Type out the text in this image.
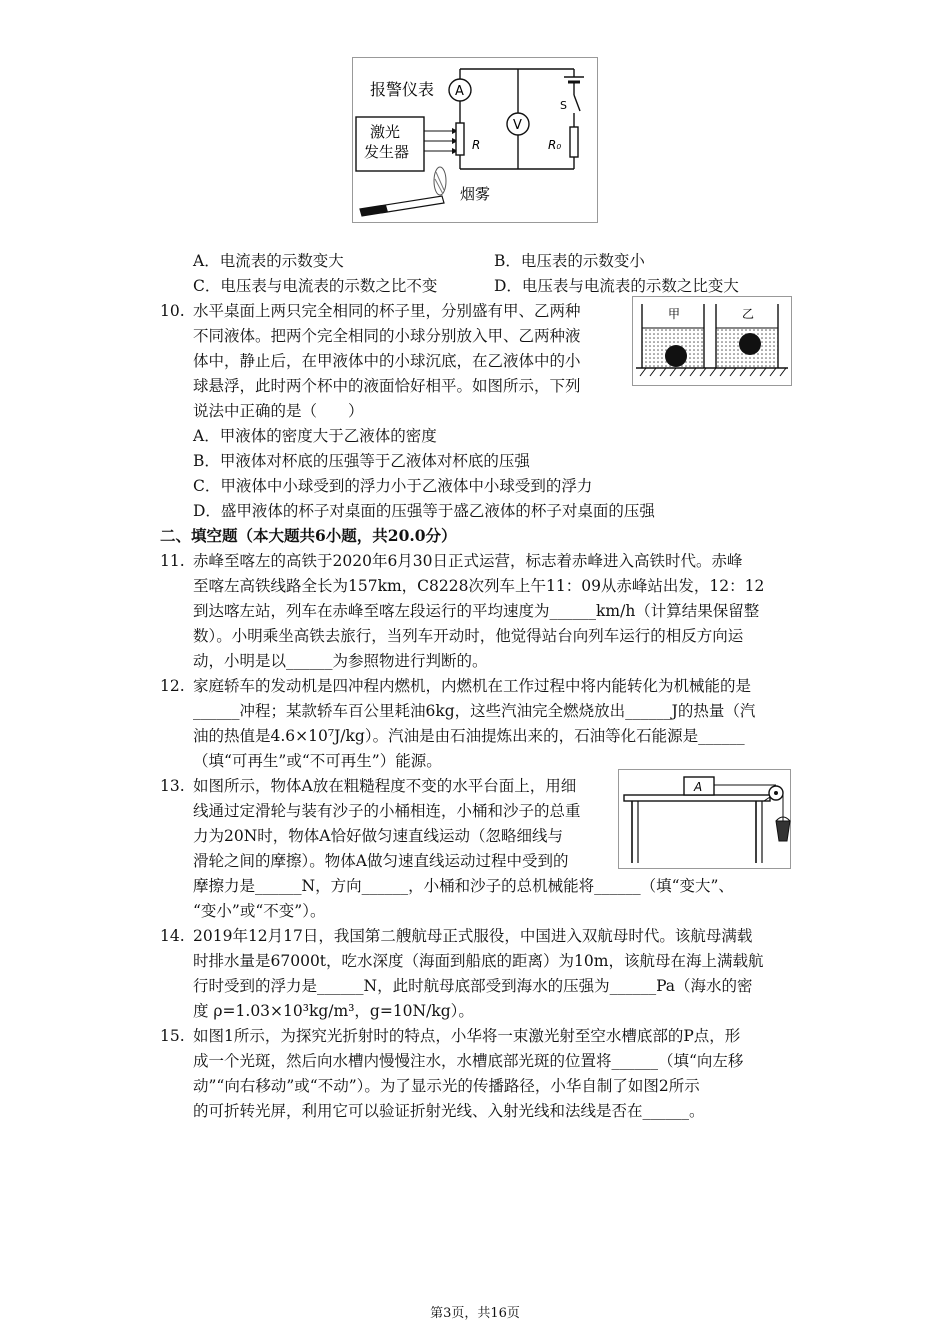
报警仪表
激光
发生器
A
R
V
S
R₀
烟雾
A．电流表的示数变大	B．电压表的示数变小
C．电压表与电流表的示数之比不变	D．电压表与电流表的示数之比变大
10. 水平桌面上两只完全相同的杯子里，分别盛有甲、乙两种
不同液体。把两个完全相同的小球分别放入甲、乙两种液
体中，静止后，在甲液体中的小球沉底，在乙液体中的小
球悬浮，此时两个杯中的液面恰好相平。如图所示，下列
说法中正确的是（　　）
甲	乙
A．甲液体的密度大于乙液体的密度
B．甲液体对杯底的压强等于乙液体对杯底的压强
C．甲液体中小球受到的浮力小于乙液体中小球受到的浮力
D．盛甲液体的杯子对桌面的压强等于盛乙液体的杯子对桌面的压强
二、填空题（本大题共6小题，共20.0分）
11. 赤峰至喀左的高铁于2020年6月30日正式运营，标志着赤峰进入高铁时代。赤峰
至喀左高铁线路全长为157km，C8228次列车上午11：09从赤峰站出发，12：12
到达喀左站，列车在赤峰至喀左段运行的平均速度为______km/h（计算结果保留整
数）。小明乘坐高铁去旅行，当列车开动时，他觉得站台向列车运行的相反方向运
动，小明是以______为参照物进行判断的。
12. 家庭轿车的发动机是四冲程内燃机，内燃机在工作过程中将内能转化为机械能的是
______冲程；某款轿车百公里耗油6kg，这些汽油完全燃烧放出______J的热量（汽
油的热值是4.6×10⁷J/kg）。汽油是由石油提炼出来的，石油等化石能源是______
（填“可再生”或“不可再生”）能源。
13. 如图所示，物体A放在粗糙程度不变的水平台面上，用细
线通过定滑轮与装有沙子的小桶相连，小桶和沙子的总重
力为20N时，物体A恰好做匀速直线运动（忽略细线与
滑轮之间的摩擦）。物体A做匀速直线运动过程中受到的
摩擦力是______N，方向______，小桶和沙子的总机械能将______（填“变大”、
“变小”或“不变”）。
A
14. 2019年12月17日，我国第二艘航母正式服役，中国进入双航母时代。该航母满载
时排水量是67000t，吃水深度（海面到船底的距离）为10m，该航母在海上满载航
行时受到的浮力是______N，此时航母底部受到海水的压强为______Pa（海水的密
度 ρ=1.03×10³kg/m³，g=10N/kg）。
15. 如图1所示，为探究光折射时的特点，小华将一束激光射至空水槽底部的P点，形
成一个光斑，然后向水槽内慢慢注水，水槽底部光斑的位置将______（填“向左移
动”“向右移动”或“不动”）。为了显示光的传播路径，小华自制了如图2所示
的可折转光屏，利用它可以验证折射光线、入射光线和法线是否在______。
第3页，共16页
